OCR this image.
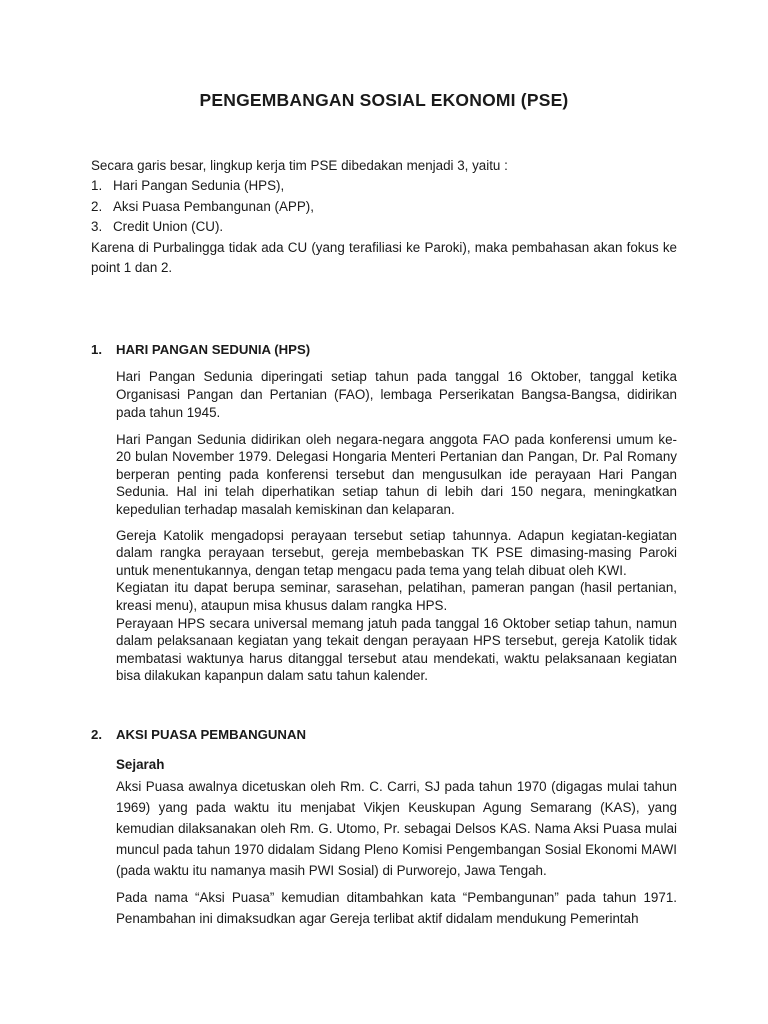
PENGEMBANGAN SOSIAL EKONOMI (PSE)

Secara garis besar, lingkup kerja tim PSE dibedakan menjadi 3, yaitu :

1. Hari Pangan Sedunia (HPS),
2. Aksi Puasa Pembangunan (APP),
3. Credit Union (CU).

Karena di Purbalingga tidak ada CU (yang terafiliasi ke Paroki), maka pembahasan akan fokus ke point 1 dan 2.

1.	HARI PANGAN SEDUNIA (HPS)

Hari Pangan Sedunia diperingati setiap tahun pada tanggal 16 Oktober, tanggal ketika Organisasi Pangan dan Pertanian (FAO), lembaga Perserikatan Bangsa-Bangsa, didirikan pada tahun 1945.

Hari Pangan Sedunia didirikan oleh negara-negara anggota FAO pada konferensi umum ke-20 bulan November 1979. Delegasi Hongaria Menteri Pertanian dan Pangan, Dr. Pal Romany berperan penting pada konferensi tersebut dan mengusulkan ide perayaan Hari Pangan Sedunia. Hal ini telah diperhatikan setiap tahun di lebih dari 150 negara, meningkatkan kepedulian terhadap masalah kemiskinan dan kelaparan.

Gereja Katolik mengadopsi perayaan tersebut setiap tahunnya. Adapun kegiatan-kegiatan dalam rangka perayaan tersebut, gereja membebaskan TK PSE dimasing-masing Paroki untuk menentukannya, dengan tetap mengacu pada tema yang telah dibuat oleh KWI.

Kegiatan itu dapat berupa seminar, sarasehan, pelatihan, pameran pangan (hasil pertanian, kreasi menu), ataupun misa khusus dalam rangka HPS.

Perayaan HPS secara universal memang jatuh pada tanggal 16 Oktober setiap tahun, namun dalam pelaksanaan kegiatan yang tekait dengan perayaan HPS tersebut, gereja Katolik tidak membatasi waktunya harus ditanggal tersebut atau mendekati, waktu pelaksanaan kegiatan bisa dilakukan kapanpun dalam satu tahun kalender.

2.	AKSI PUASA PEMBANGUNAN

Sejarah

Aksi Puasa awalnya dicetuskan oleh Rm. C. Carri, SJ pada tahun 1970 (digagas mulai tahun 1969) yang pada waktu itu menjabat Vikjen Keuskupan Agung Semarang (KAS), yang kemudian dilaksanakan oleh Rm. G. Utomo, Pr. sebagai Delsos KAS. Nama Aksi Puasa mulai muncul pada tahun 1970 didalam Sidang Pleno Komisi Pengembangan Sosial Ekonomi MAWI (pada waktu itu namanya masih PWI Sosial) di Purworejo, Jawa Tengah.

Pada nama “Aksi Puasa” kemudian ditambahkan kata “Pembangunan” pada tahun 1971. Penambahan ini dimaksudkan agar Gereja terlibat aktif didalam mendukung Pemerintah
